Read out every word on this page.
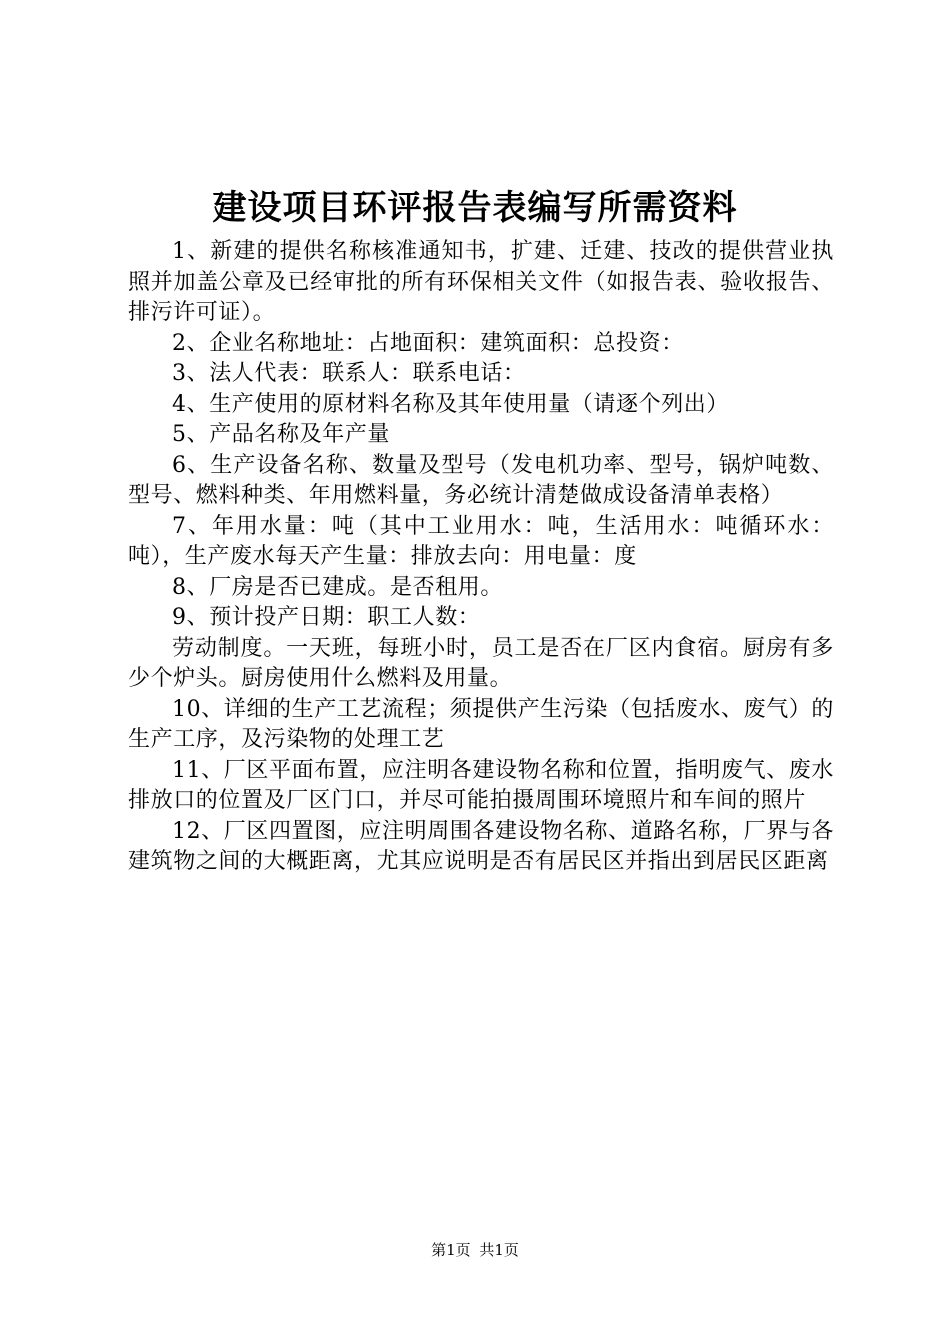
建设项目环评报告表编写所需资料

1、新建的提供名称核准通知书，扩建、迁建、技改的提供营业执照并加盖公章及已经审批的所有环保相关文件（如报告表、验收报告、排污许可证）。

2、企业名称地址：占地面积：建筑面积：总投资：

3、法人代表：联系人：联系电话：

4、生产使用的原材料名称及其年使用量（请逐个列出）

5、产品名称及年产量

6、生产设备名称、数量及型号（发电机功率、型号，锅炉吨数、型号、燃料种类、年用燃料量，务必统计清楚做成设备清单表格）

7、年用水量：吨（其中工业用水：吨，生活用水：吨循环水：吨），生产废水每天产生量：排放去向：用电量：度

8、厂房是否已建成。是否租用。

9、预计投产日期：职工人数：

劳动制度。一天班，每班小时，员工是否在厂区内食宿。厨房有多少个炉头。厨房使用什么燃料及用量。

10、详细的生产工艺流程；须提供产生污染（包括废水、废气）的生产工序，及污染物的处理工艺

11、厂区平面布置，应注明各建设物名称和位置，指明废气、废水排放口的位置及厂区门口，并尽可能拍摄周围环境照片和车间的照片

12、厂区四置图，应注明周围各建设物名称、道路名称，厂界与各建筑物之间的大概距离，尤其应说明是否有居民区并指出到居民区距离

第1页 共1页
